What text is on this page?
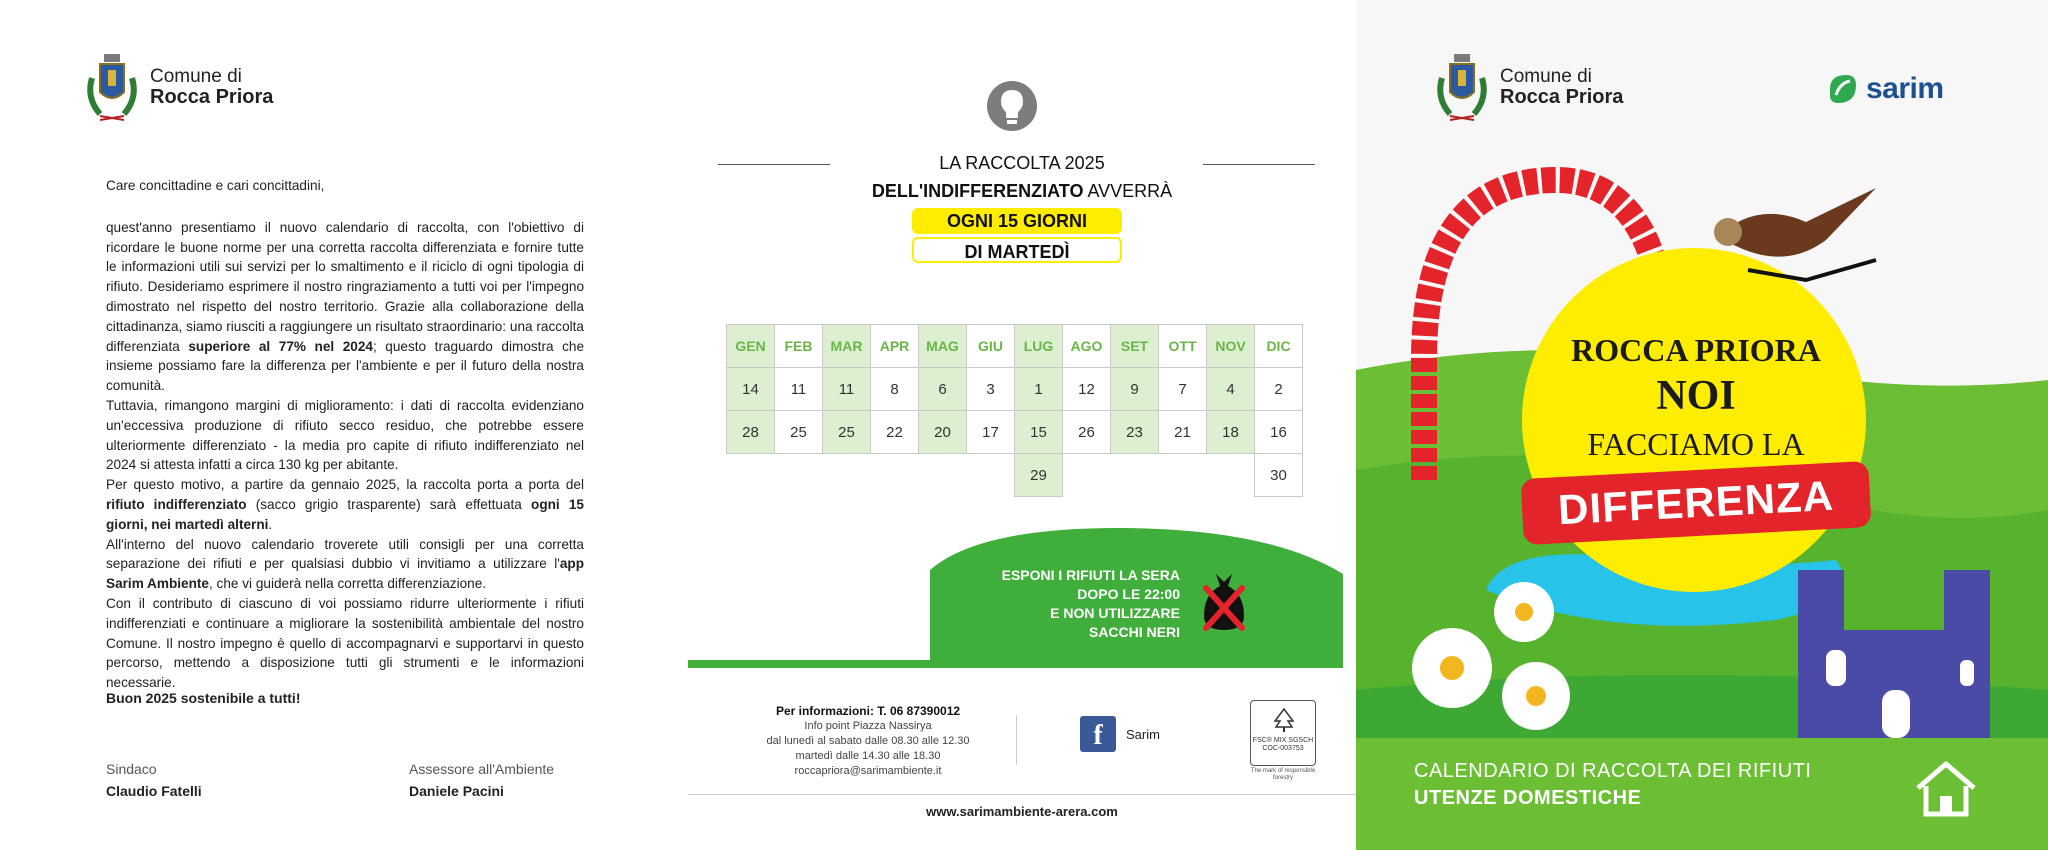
Comune di
Rocca Priora

Care concittadine e cari concittadini,

quest'anno presentiamo il nuovo calendario di raccolta, con l'obiettivo di ricordare le buone norme per una corretta raccolta differenziata e fornire tutte le informazioni utili sui servizi per lo smaltimento e il riciclo di ogni tipologia di rifiuto. Desideriamo esprimere il nostro ringraziamento a tutti voi per l'impegno dimostrato nel rispetto del nostro territorio. Grazie alla collaborazione della cittadinanza, siamo riusciti a raggiungere un risultato straordinario: una raccolta differenziata superiore al 77% nel 2024; questo traguardo dimostra che insieme possiamo fare la differenza per l'ambiente e per il futuro della nostra comunità.

Tuttavia, rimangono margini di miglioramento: i dati di raccolta evidenziano un'eccessiva produzione di rifiuto secco residuo, che potrebbe essere ulteriormente differenziato - la media pro capite di rifiuto indifferenziato nel 2024 si attesta infatti a circa 130 kg per abitante.

Per questo motivo, a partire da gennaio 2025, la raccolta porta a porta del rifiuto indifferenziato (sacco grigio trasparente) sarà effettuata ogni 15 giorni, nei martedì alterni.

All'interno del nuovo calendario troverete utili consigli per una corretta separazione dei rifiuti e per qualsiasi dubbio vi invitiamo a utilizzare l'app Sarim Ambiente, che vi guiderà nella corretta differenziazione.

Con il contributo di ciascuno di voi possiamo ridurre ulteriormente i rifiuti indifferenziati e continuare a migliorare la sostenibilità ambientale del nostro Comune. Il nostro impegno è quello di accompagnarvi e supportarvi in questo percorso, mettendo a disposizione tutti gli strumenti e le informazioni necessarie.

Buon 2025 sostenibile a tutti!
Sindaco
Claudio Fatelli
Assessore all'Ambiente
Daniele Pacini
LA RACCOLTA 2025
DELL'INDIFFERENZIATO AVVERRÀ
OGNI 15 GIORNI
DI MARTEDÌ
GEN	FEB	MAR	APR	MAG	GIU	LUG	AGO	SET	OTT	NOV	DIC
14	11	11	8	6	3	1	12	9	7	4	2
28	25	25	22	20	17	15	26	23	21	18	16
						29					30
ESPONI I RIFIUTI LA SERA
DOPO LE 22:00
E NON UTILIZZARE
SACCHI NERI
Per informazioni: T. 06 87390012
Info point Piazza Nassirya
dal lunedì al sabato dalle 08.30 alle 12.30
martedì dalle 14.30 alle 18.30
roccapriora@sarimambiente.it
f	Sarim	FSC® MIX SGSCH COC-003753
The mark of responsible forestry
www.sarimambiente-arera.com
Comune di
Rocca Priora	sarim
ROCCA PRIORA
NOI
FACCIAMO LA
DIFFERENZA
CALENDARIO DI RACCOLTA DEI RIFIUTI
UTENZE DOMESTICHE
